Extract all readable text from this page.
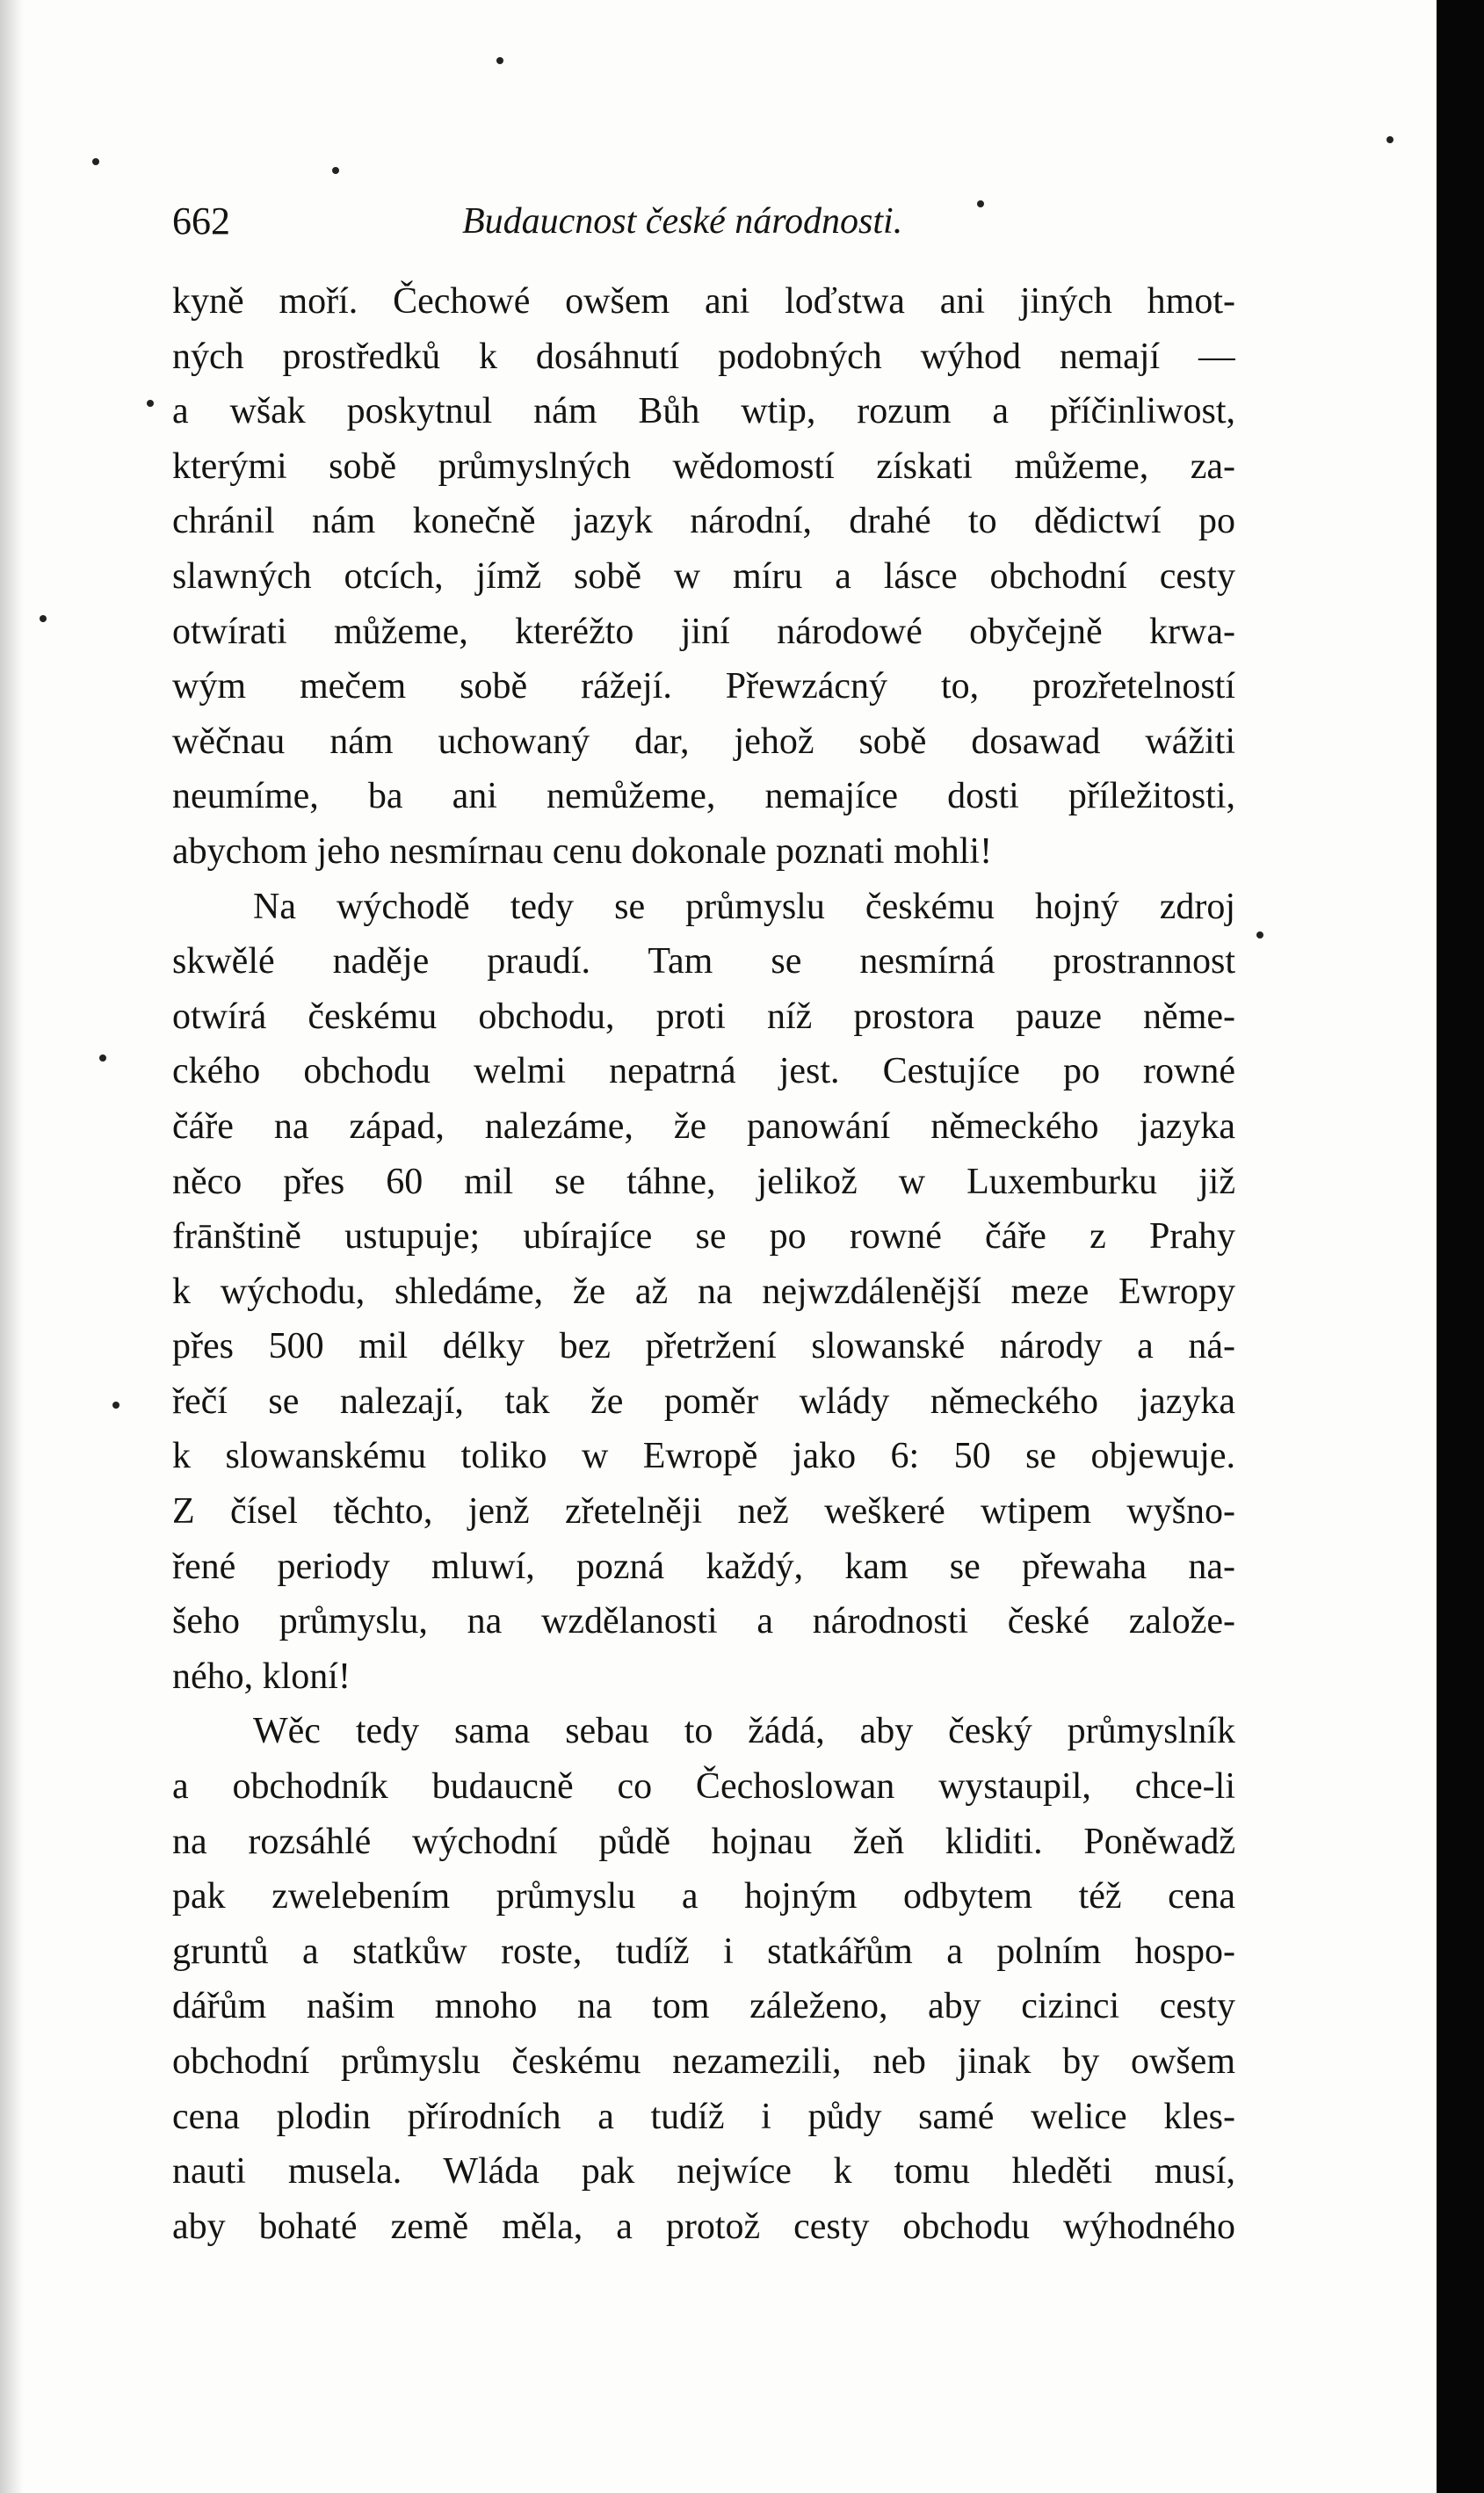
662	Budaucnost české národnosti.
kyně moří. Čechowé owšem ani loďstwa ani jiných hmot-
ných prostředků k dosáhnutí podobných wýhod nemají —
a wšak poskytnul nám Bůh wtip, rozum a příčinliwost,
kterými sobě průmyslných wědomostí získati můžeme, za-
chránil nám konečně jazyk národní, drahé to dědictwí po
slawných otcích, jímž sobě w míru a lásce obchodní cesty
otwírati můžeme, kteréžto jiní národowé obyčejně krwa-
wým mečem sobě rážejí. Přewzácný to, prozřetelností
wěčnau nám uchowaný dar, jehož sobě dosawad wážiti
neumíme, ba ani nemůžeme, nemajíce dosti příležitosti,
abychom jeho nesmírnau cenu dokonale poznati mohli!
Na wýchodě tedy se průmyslu českému hojný zdroj
skwělé naděje praudí. Tam se nesmírná prostrannost
otwírá českému obchodu, proti níž prostora pauze něme-
ckého obchodu welmi nepatrná jest. Cestujíce po rowné
čáře na západ, nalezáme, že panowání německého jazyka
něco přes 60 mil se táhne, jelikož w Luxemburku již
frānštině ustupuje; ubírajíce se po rowné čáře z Prahy
k wýchodu, shledáme, že až na nejwzdálenější meze Ewropy
přes 500 mil délky bez přetržení slowanské národy a ná-
řečí se nalezají, tak že poměr wlády německého jazyka
k slowanskému toliko w Ewropě jako 6: 50 se objewuje.
Z čísel těchto, jenž zřetelněji než weškeré wtipem wyšno-
řené periody mluwí, pozná každý, kam se přewaha na-
šeho průmyslu, na wzdělanosti a národnosti české založe-
ného, kloní!
Wěc tedy sama sebau to žádá, aby český průmyslník
a obchodník budaucně co Čechoslowan wystaupil, chce-li
na rozsáhlé wýchodní půdě hojnau žeň kliditi. Poněwadž
pak zwelebením průmyslu a hojným odbytem též cena
gruntů a statkůw roste, tudíž i statkářům a polním hospo-
dářům našim mnoho na tom záleženo, aby cizinci cesty
obchodní průmyslu českému nezamezili, neb jinak by owšem
cena plodin přírodních a tudíž i půdy samé welice kles-
nauti musela. Wláda pak nejwíce k tomu hleděti musí,
aby bohaté země měla, a protož cesty obchodu wýhodného
